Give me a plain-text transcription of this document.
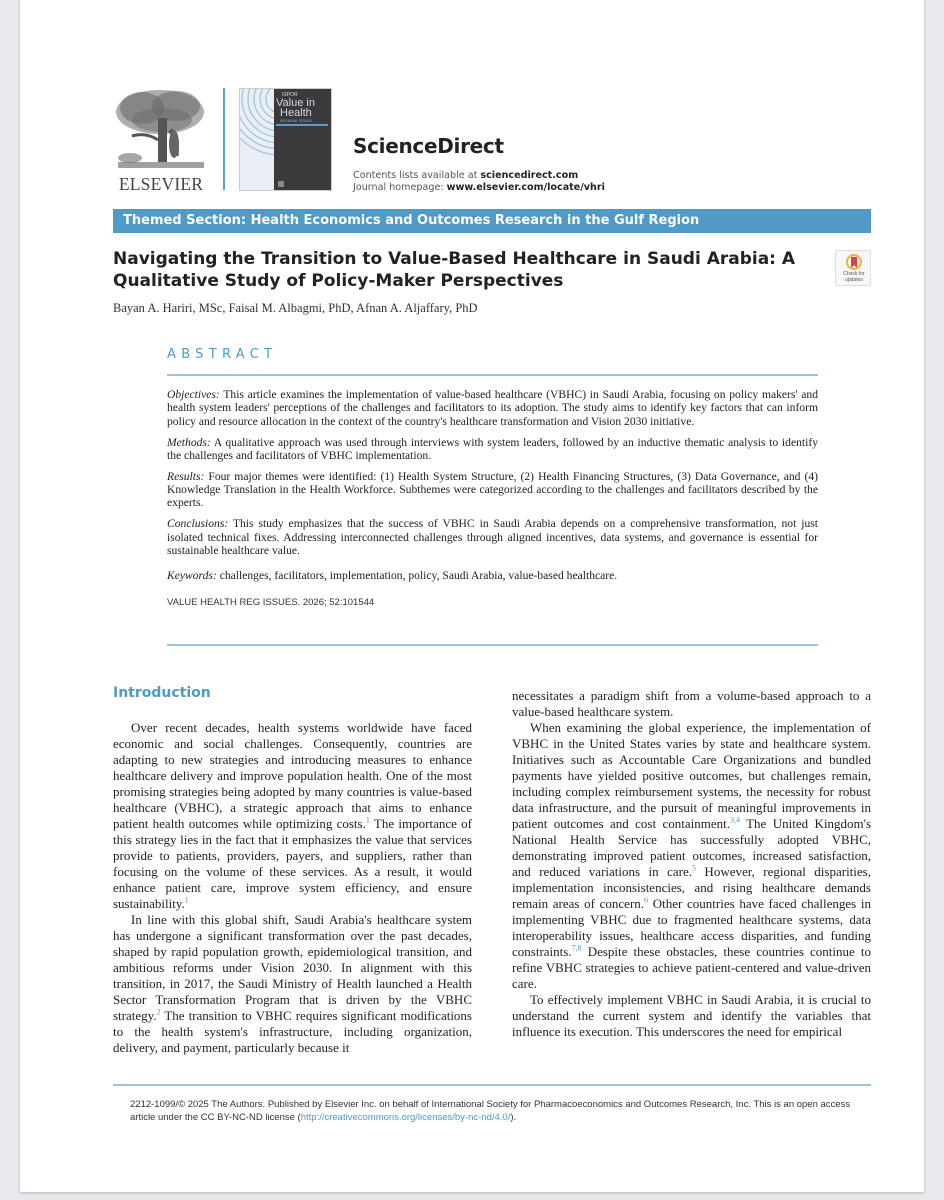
ELSEVIER
ISPOR
Value in
Health
REGIONAL ISSUES
ScienceDirect
Contents lists available at sciencedirect.com
Journal homepage: www.elsevier.com/locate/vhri
Themed Section: Health Economics and Outcomes Research in the Gulf Region
Navigating the Transition to Value-Based Healthcare in Saudi Arabia: A Qualitative Study of Policy-Maker Perspectives	Check for updates
Bayan A. Hariri, MSc, Faisal M. Albagmi, PhD, Afnan A. Aljaffary, PhD
ABSTRACT

Objectives: This article examines the implementation of value-based healthcare (VBHC) in Saudi Arabia, focusing on policy makers' and health system leaders' perceptions of the challenges and facilitators to its adoption. The study aims to identify key factors that can inform policy and resource allocation in the context of the country's healthcare transformation and Vision 2030 initiative.

Methods: A qualitative approach was used through interviews with system leaders, followed by an inductive thematic analysis to identify the challenges and facilitators of VBHC implementation.

Results: Four major themes were identified: (1) Health System Structure, (2) Health Financing Structures, (3) Data Governance, and (4) Knowledge Translation in the Health Workforce. Subthemes were categorized according to the challenges and facilitators described by the experts.

Conclusions: This study emphasizes that the success of VBHC in Saudi Arabia depends on a comprehensive transformation, not just isolated technical fixes. Addressing interconnected challenges through aligned incentives, data systems, and governance is essential for sustainable healthcare value.

Keywords: challenges, facilitators, implementation, policy, Saudi Arabia, value-based healthcare.

VALUE HEALTH REG ISSUES. 2026; 52:101544

Introduction

Over recent decades, health systems worldwide have faced economic and social challenges. Consequently, countries are adapting to new strategies and introducing measures to enhance healthcare delivery and improve population health. One of the most promising strategies being adopted by many countries is value-based healthcare (VBHC), a strategic approach that aims to enhance patient health outcomes while optimizing costs.$^1$ The importance of this strategy lies in the fact that it emphasizes the value that services provide to patients, providers, payers, and suppliers, rather than focusing on the volume of these services. As a result, it would enhance patient care, improve system efficiency, and ensure sustainability.$^1$

In line with this global shift, Saudi Arabia's healthcare system has undergone a significant transformation over the past decades, shaped by rapid population growth, epidemiological transition, and ambitious reforms under Vision 2030. In alignment with this transition, in 2017, the Saudi Ministry of Health launched a Health Sector Transformation Program that is driven by the VBHC strategy.$^2$ The transition to VBHC requires significant modifications to the health system's infrastructure, including organization, delivery, and payment, particularly because it

necessitates a paradigm shift from a volume-based approach to a value-based healthcare system.

When examining the global experience, the implementation of VBHC in the United States varies by state and healthcare system. Initiatives such as Accountable Care Organizations and bundled payments have yielded positive outcomes, but challenges remain, including complex reimbursement systems, the necessity for robust data infrastructure, and the pursuit of meaningful improvements in patient outcomes and cost containment.$^{3,4}$ The United Kingdom's National Health Service has successfully adopted VBHC, demonstrating improved patient outcomes, increased satisfaction, and reduced variations in care.$^5$ However, regional disparities, implementation inconsistencies, and rising healthcare demands remain areas of concern.$^6$ Other countries have faced challenges in implementing VBHC due to fragmented healthcare systems, data interoperability issues, healthcare access disparities, and funding constraints.$^{7,8}$ Despite these obstacles, these countries continue to refine VBHC strategies to achieve patient-centered and value-driven care.

To effectively implement VBHC in Saudi Arabia, it is crucial to understand the current system and identify the variables that influence its execution. This underscores the need for empirical

2212-1099/© 2025 The Authors. Published by Elsevier Inc. on behalf of International Society for Pharmacoeconomics and Outcomes Research, Inc. This is an open access article under the CC BY-NC-ND license (http://creativecommons.org/licenses/by-nc-nd/4.0/).
